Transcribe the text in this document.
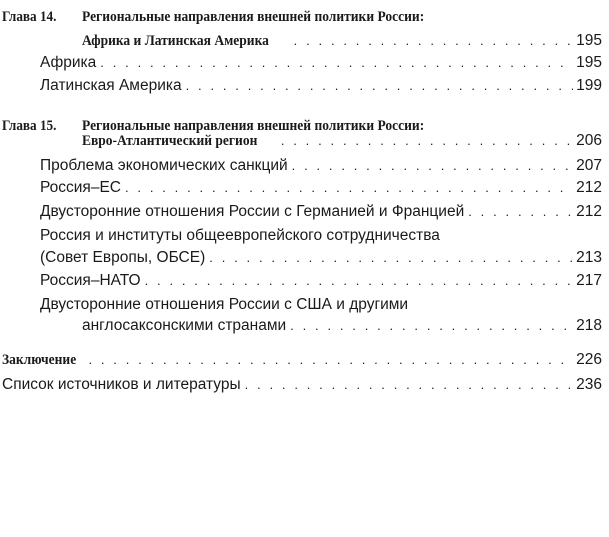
Глава 14. Региональные направления внешней политики России:
Африка и Латинская Америка . . .	195
Африка . . .	195
Латинская Америка . . .	199
Глава 15. Региональные направления внешней политики России:
Евро-Атлантический регион . . .	206
Проблема экономических санкций . . .	207
Россия–ЕС . . .	212
Двусторонние отношения России с Германией и Францией . . .	212
Россия и институты общеевропейского сотрудничества
(Совет Европы, ОБСЕ) . . .	213
Россия–НАТО . . .	217
Двусторонние отношения России с США и другими
англосаксонскими странами . . .	218
Заключение . . .	226
Список источников и литературы . . .	236
